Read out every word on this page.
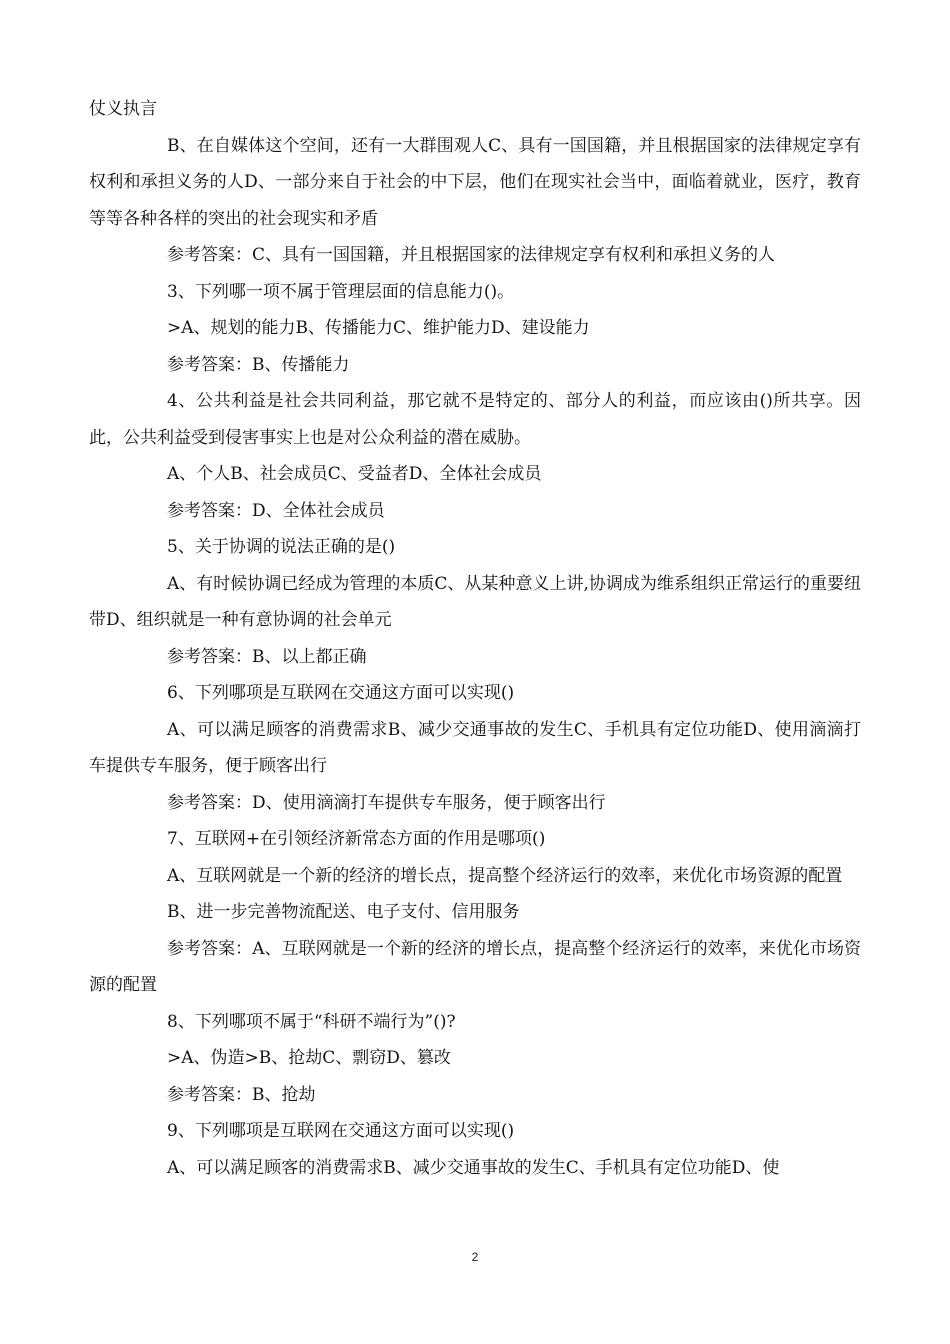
仗义执言

B、在自媒体这个空间，还有一大群围观人C、具有一国国籍，并且根据国家的法律规定享有权利和承担义务的人D、一部分来自于社会的中下层，他们在现实社会当中，面临着就业，医疗，教育等等各种各样的突出的社会现实和矛盾

参考答案：C、具有一国国籍，并且根据国家的法律规定享有权利和承担义务的人

3、下列哪一项不属于管理层面的信息能力()。

>A、规划的能力B、传播能力C、维护能力D、建设能力

参考答案：B、传播能力

4、公共利益是社会共同利益，那它就不是特定的、部分人的利益，而应该由()所共享。因此，公共利益受到侵害事实上也是对公众利益的潜在威胁。

A、个人B、社会成员C、受益者D、全体社会成员

参考答案：D、全体社会成员

5、关于协调的说法正确的是()

A、有时候协调已经成为管理的本质C、从某种意义上讲,协调成为维系组织正常运行的重要纽带D、组织就是一种有意协调的社会单元

参考答案：B、以上都正确

6、下列哪项是互联网在交通这方面可以实现()

A、可以满足顾客的消费需求B、减少交通事故的发生C、手机具有定位功能D、使用滴滴打车提供专车服务，便于顾客出行

参考答案：D、使用滴滴打车提供专车服务，便于顾客出行

7、互联网+在引领经济新常态方面的作用是哪项()

A、互联网就是一个新的经济的增长点，提高整个经济运行的效率，来优化市场资源的配置

B、进一步完善物流配送、电子支付、信用服务

参考答案：A、互联网就是一个新的经济的增长点，提高整个经济运行的效率，来优化市场资源的配置

8、下列哪项不属于“科研不端行为”()?

>A、伪造>B、抢劫C、剽窃D、篡改

参考答案：B、抢劫

9、下列哪项是互联网在交通这方面可以实现()

A、可以满足顾客的消费需求B、减少交通事故的发生C、手机具有定位功能D、使

2
